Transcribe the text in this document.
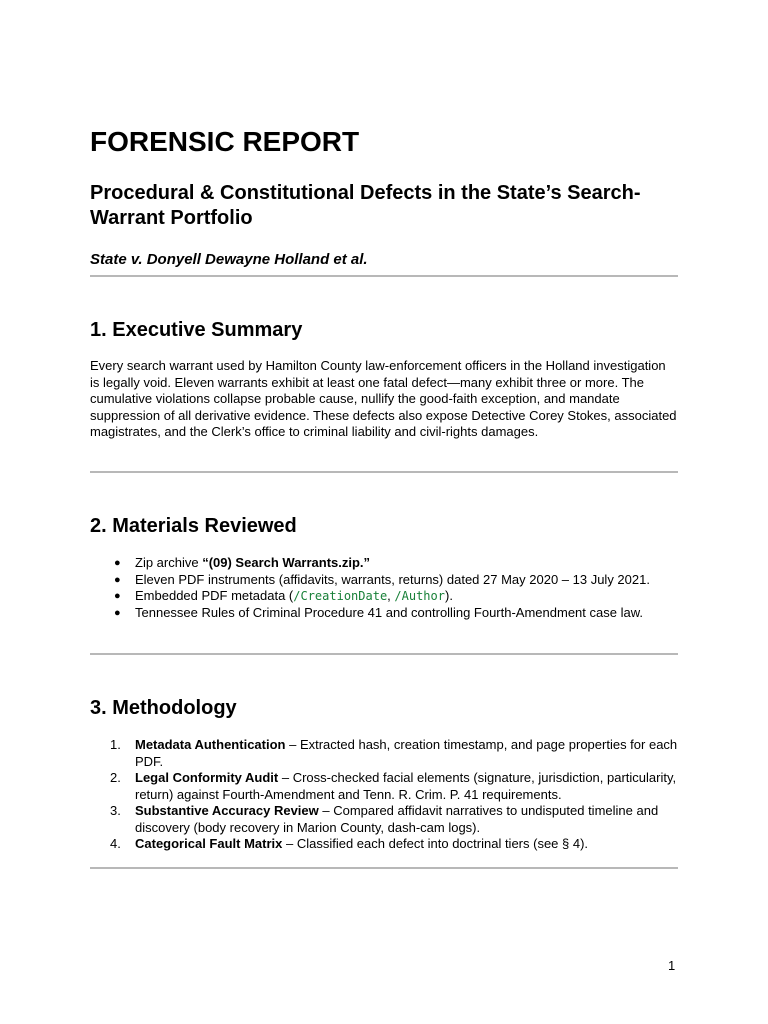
FORENSIC REPORT
Procedural & Constitutional Defects in the State’s Search-Warrant Portfolio

State v. Donyell Dewayne Holland et al.

1. Executive Summary

Every search warrant used by Hamilton County law-enforcement officers in the Holland investigation is legally void. Eleven warrants exhibit at least one fatal defect—many exhibit three or more. The cumulative violations collapse probable cause, nullify the good-faith exception, and mandate suppression of all derivative evidence. These defects also expose Detective Corey Stokes, associated magistrates, and the Clerk’s office to criminal liability and civil-rights damages.

2. Materials Reviewed
● Zip archive “(09) Search Warrants.zip.”
● Eleven PDF instruments (affidavits, warrants, returns) dated 27 May 2020 – 13 July 2021.
● Embedded PDF metadata (/CreationDate, /Author).
● Tennessee Rules of Criminal Procedure 41 and controlling Fourth-Amendment case law.
3. Methodology
1. Metadata Authentication – Extracted hash, creation timestamp, and page properties for each PDF.
2. Legal Conformity Audit – Cross-checked facial elements (signature, jurisdiction, particularity, return) against Fourth-Amendment and Tenn. R. Crim. P. 41 requirements.
3. Substantive Accuracy Review – Compared affidavit narratives to undisputed timeline and discovery (body recovery in Marion County, dash-cam logs).
4. Categorical Fault Matrix – Classified each defect into doctrinal tiers (see § 4).
1
